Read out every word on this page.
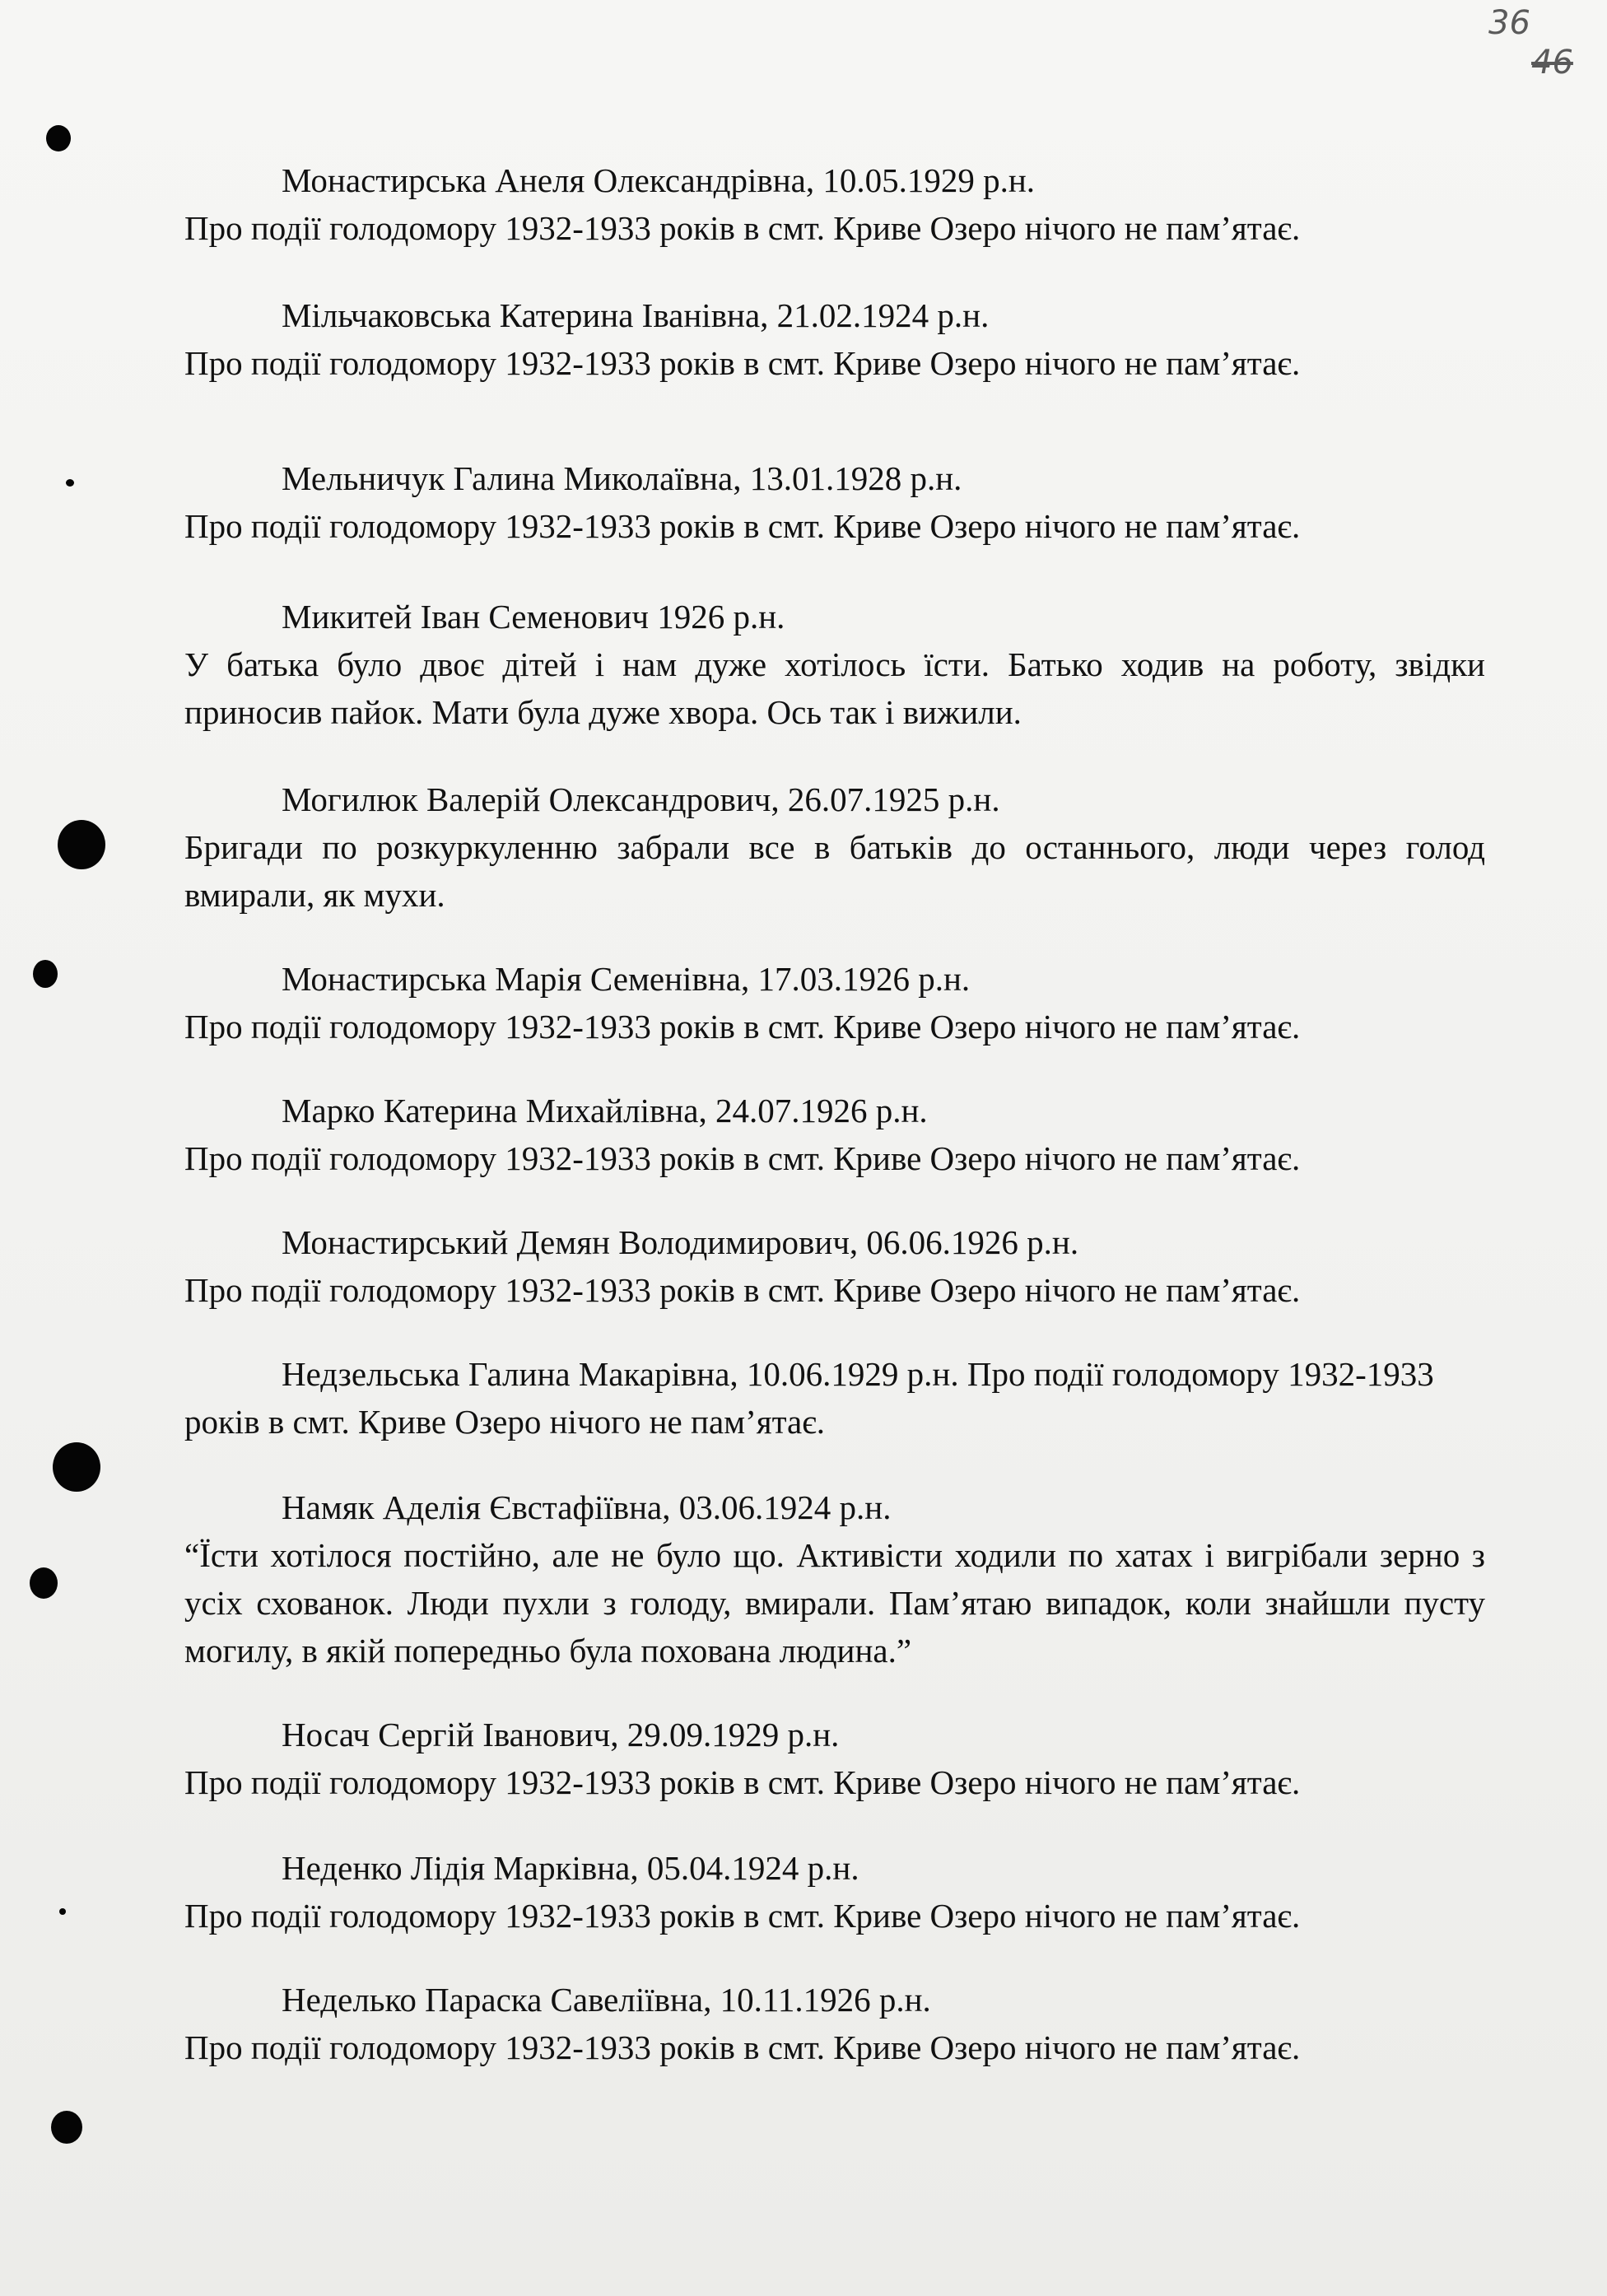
36
46
Монастирська Анеля Олександрівна, 10.05.1929 р.н.
Про події голодомору 1932-1933 років в смт. Криве Озеро нічого не пам’ятає.
Мільчаковська Катерина Іванівна, 21.02.1924 р.н.
Про події голодомору 1932-1933 років в смт. Криве Озеро нічого не пам’ятає.
Мельничук Галина Миколаївна, 13.01.1928 р.н.
Про події голодомору 1932-1933 років в смт. Криве Озеро нічого не пам’ятає.
Микитей Іван Семенович 1926 р.н.
У батька було двоє дітей і нам дуже хотілось їсти. Батько ходив на роботу, звідки приносив пайок. Мати була дуже хвора. Ось так і вижили.
Могилюк Валерій Олександрович, 26.07.1925 р.н.
Бригади по розкуркуленню забрали все в батьків до останнього, люди через голод вмирали, як мухи.
Монастирська Марія Семенівна, 17.03.1926 р.н.
Про події голодомору 1932-1933 років в смт. Криве Озеро нічого не пам’ятає.
Марко Катерина Михайлівна, 24.07.1926 р.н.
Про події голодомору 1932-1933 років в смт. Криве Озеро нічого не пам’ятає.
Монастирський Демян Володимирович, 06.06.1926 р.н.
Про події голодомору 1932-1933 років в смт. Криве Озеро нічого не пам’ятає.
Недзельська Галина Макарівна, 10.06.1929 р.н. Про події голодомору 1932-1933 років в смт. Криве Озеро нічого не пам’ятає.
Намяк Аделія Євстафіївна, 03.06.1924 р.н.
“Їсти хотілося постійно, але не було що. Активісти ходили по хатах і вигрібали зерно з усіх схованок. Люди пухли з голоду, вмирали. Пам’ятаю випадок, коли знайшли пусту могилу, в якій попередньо була похована людина.”
Носач Сергій Іванович, 29.09.1929 р.н.
Про події голодомору 1932-1933 років в смт. Криве Озеро нічого не пам’ятає.
Неденко Лідія Марківна, 05.04.1924 р.н.
Про події голодомору 1932-1933 років в смт. Криве Озеро нічого не пам’ятає.
Неделько Параска Савеліївна, 10.11.1926 р.н.
Про події голодомору 1932-1933 років в смт. Криве Озеро нічого не пам’ятає.
